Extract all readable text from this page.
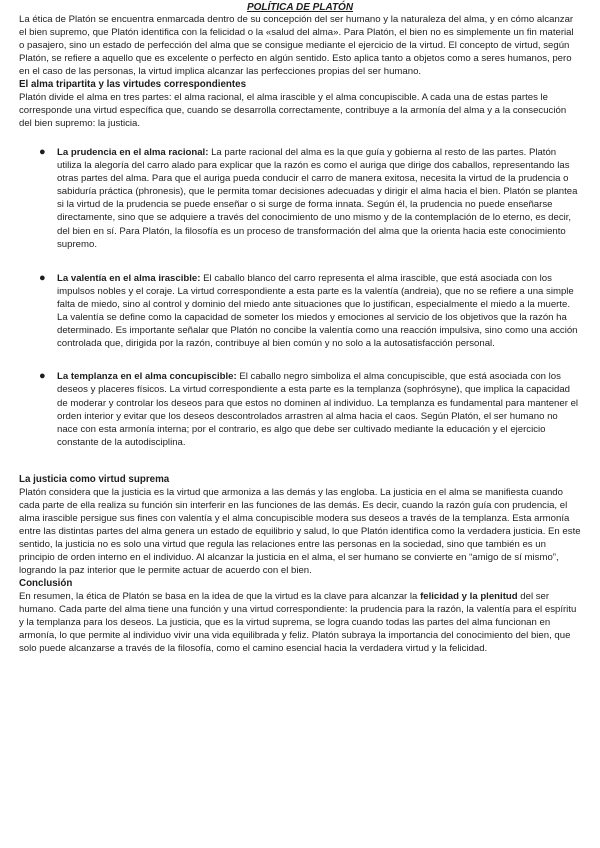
POLÍTICA DE PLATÓN

La ética de Platón se encuentra enmarcada dentro de su concepción del ser humano y la naturaleza del alma, y en cómo alcanzar el bien supremo, que Platón identifica con la felicidad o la «salud del alma». Para Platón, el bien no es simplemente un fin material o pasajero, sino un estado de perfección del alma que se consigue mediante el ejercicio de la virtud. El concepto de virtud, según Platón, se refiere a aquello que es excelente o perfecto en algún sentido. Esto aplica tanto a objetos como a seres humanos, pero en el caso de las personas, la virtud implica alcanzar las perfecciones propias del ser humano.

El alma tripartita y las virtudes correspondientes

Platón divide el alma en tres partes: el alma racional, el alma irascible y el alma concupiscible. A cada una de estas partes le corresponde una virtud específica que, cuando se desarrolla correctamente, contribuye a la armonía del alma y a la consecución del bien supremo: la justicia.

● La prudencia en el alma racional: La parte racional del alma es la que guía y gobierna al resto de las partes. Platón utiliza la alegoría del carro alado para explicar que la razón es como el auriga que dirige dos caballos, representando las otras partes del alma. Para que el auriga pueda conducir el carro de manera exitosa, necesita la virtud de la prudencia o sabiduría práctica (phronesis), que le permita tomar decisiones adecuadas y dirigir el alma hacia el bien. Platón se plantea si la virtud de la prudencia se puede enseñar o si surge de forma innata. Según él, la prudencia no puede enseñarse directamente, sino que se adquiere a través del conocimiento de uno mismo y de la contemplación de lo eterno, es decir, del bien en sí. Para Platón, la filosofía es un proceso de transformación del alma que la orienta hacia este conocimiento supremo.
● La valentía en el alma irascible: El caballo blanco del carro representa el alma irascible, que está asociada con los impulsos nobles y el coraje. La virtud correspondiente a esta parte es la valentía (andreia), que no se refiere a una simple falta de miedo, sino al control y dominio del miedo ante situaciones que lo justifican, especialmente el miedo a la muerte. La valentía se define como la capacidad de someter los miedos y emociones al servicio de los objetivos que la razón ha determinado. Es importante señalar que Platón no concibe la valentía como una reacción impulsiva, sino como una acción controlada que, dirigida por la razón, contribuye al bien común y no solo a la autosatisfacción personal.
● La templanza en el alma concupiscible: El caballo negro simboliza el alma concupiscible, que está asociada con los deseos y placeres físicos. La virtud correspondiente a esta parte es la templanza (sophrósyne), que implica la capacidad de moderar y controlar los deseos para que estos no dominen al individuo. La templanza es fundamental para mantener el orden interior y evitar que los deseos descontrolados arrastren al alma hacia el caos. Según Platón, el ser humano no nace con esta armonía interna; por el contrario, es algo que debe ser cultivado mediante la educación y el ejercicio constante de la autodisciplina.
La justicia como virtud suprema

Platón considera que la justicia es la virtud que armoniza a las demás y las engloba. La justicia en el alma se manifiesta cuando cada parte de ella realiza su función sin interferir en las funciones de las demás. Es decir, cuando la razón guía con prudencia, el alma irascible persigue sus fines con valentía y el alma concupiscible modera sus deseos a través de la templanza. Esta armonía entre las distintas partes del alma genera un estado de equilibrio y salud, lo que Platón identifica como la verdadera justicia. En este sentido, la justicia no es solo una virtud que regula las relaciones entre las personas en la sociedad, sino que también es un principio de orden interno en el individuo. Al alcanzar la justicia en el alma, el ser humano se convierte en “amigo de sí mismo”, logrando la paz interior que le permite actuar de acuerdo con el bien.

Conclusión

En resumen, la ética de Platón se basa en la idea de que la virtud es la clave para alcanzar la felicidad y la plenitud del ser humano. Cada parte del alma tiene una función y una virtud correspondiente: la prudencia para la razón, la valentía para el espíritu y la templanza para los deseos. La justicia, que es la virtud suprema, se logra cuando todas las partes del alma funcionan en armonía, lo que permite al individuo vivir una vida equilibrada y feliz. Platón subraya la importancia del conocimiento del bien, que solo puede alcanzarse a través de la filosofía, como el camino esencial hacia la verdadera virtud y la felicidad.
